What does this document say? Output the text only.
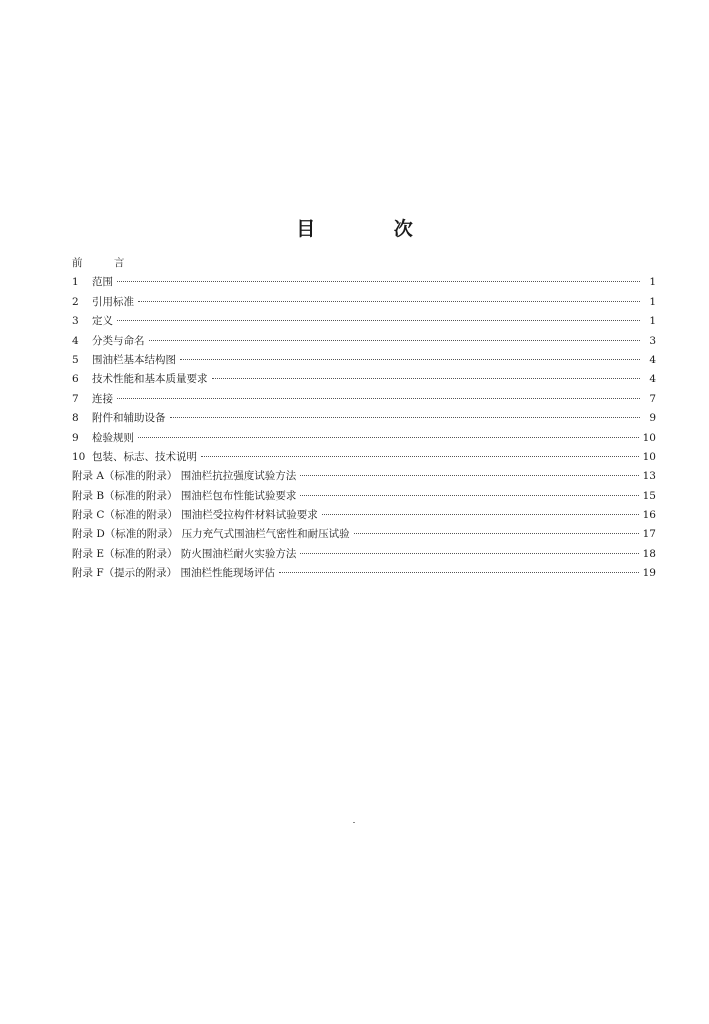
目 次
前 言
1	范围	1
2	引用标准	1
3	定义	1
4	分类与命名	3
5	围油栏基本结构图	4
6	技术性能和基本质量要求	4
7	连接	7
8	附件和辅助设备	9
9	检验规则	10
10 包装、标志、技术说明	10
附录 A（标准的附录） 围油栏抗拉强度试验方法	13
附录 B（标准的附录） 围油栏包布性能试验要求	15
附录 C（标准的附录） 围油栏受拉构件材料试验要求	16
附录 D（标准的附录） 压力充气式围油栏气密性和耐压试验	17
附录 E（标准的附录） 防火围油栏耐火实验方法	18
附录 F（提示的附录） 围油栏性能现场评估	19
